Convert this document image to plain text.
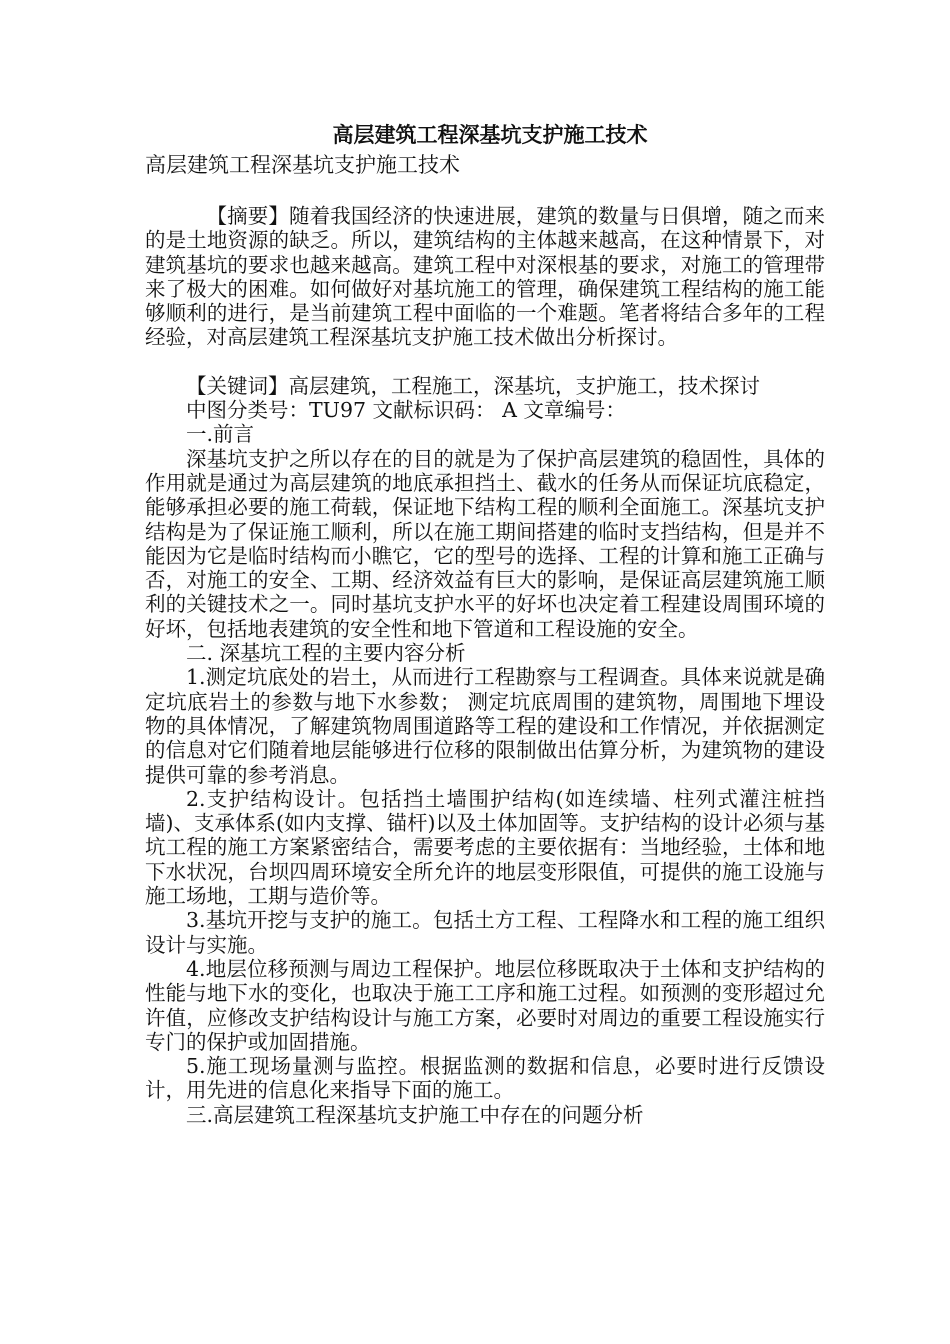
高层建筑工程深基坑支护施工技术

高层建筑工程深基坑支护施工技术

【摘要】随着我国经济的快速进展，建筑的数量与日俱增，随之而来的是土地资源的缺乏。所以，建筑结构的主体越来越高，在这种情景下，对建筑基坑的要求也越来越高。建筑工程中对深根基的要求，对施工的管理带来了极大的困难。如何做好对基坑施工的管理，确保建筑工程结构的施工能够顺利的进行，是当前建筑工程中面临的一个难题。笔者将结合多年的工程经验，对高层建筑工程深基坑支护施工技术做出分析探讨。

【关键词】高层建筑，工程施工，深基坑，支护施工，技术探讨

中图分类号：TU97 文献标识码： A 文章编号：

一.前言

深基坑支护之所以存在的目的就是为了保护高层建筑的稳固性，具体的作用就是通过为高层建筑的地底承担挡土、截水的任务从而保证坑底稳定，能够承担必要的施工荷载，保证地下结构工程的顺利全面施工。深基坑支护结构是为了保证施工顺利，所以在施工期间搭建的临时支挡结构，但是并不能因为它是临时结构而小瞧它，它的型号的选择、工程的计算和施工正确与否，对施工的安全、工期、经济效益有巨大的影响，是保证高层建筑施工顺利的关键技术之一。同时基坑支护水平的好坏也决定着工程建设周围环境的好坏，包括地表建筑的安全性和地下管道和工程设施的安全。

二. 深基坑工程的主要内容分析

1.测定坑底处的岩土，从而进行工程勘察与工程调查。具体来说就是确定坑底岩土的参数与地下水参数； 测定坑底周围的建筑物，周围地下埋设物的具体情况，了解建筑物周围道路等工程的建设和工作情况，并依据测定的信息对它们随着地层能够进行位移的限制做出估算分析，为建筑物的建设提供可靠的参考消息。

2.支护结构设计。包括挡土墙围护结构(如连续墙、柱列式灌注桩挡墙)、支承体系(如内支撑、锚杆)以及土体加固等。支护结构的设计必须与基坑工程的施工方案紧密结合，需要考虑的主要依据有：当地经验，土体和地下水状况，台坝四周环境安全所允许的地层变形限值，可提供的施工设施与施工场地，工期与造价等。

3.基坑开挖与支护的施工。包括土方工程、工程降水和工程的施工组织设计与实施。

4.地层位移预测与周边工程保护。地层位移既取决于土体和支护结构的性能与地下水的变化，也取决于施工工序和施工过程。如预测的变形超过允许值，应修改支护结构设计与施工方案，必要时对周边的重要工程设施实行专门的保护或加固措施。

5.施工现场量测与监控。根据监测的数据和信息，必要时进行反馈设计，用先进的信息化来指导下面的施工。

三.高层建筑工程深基坑支护施工中存在的问题分析
